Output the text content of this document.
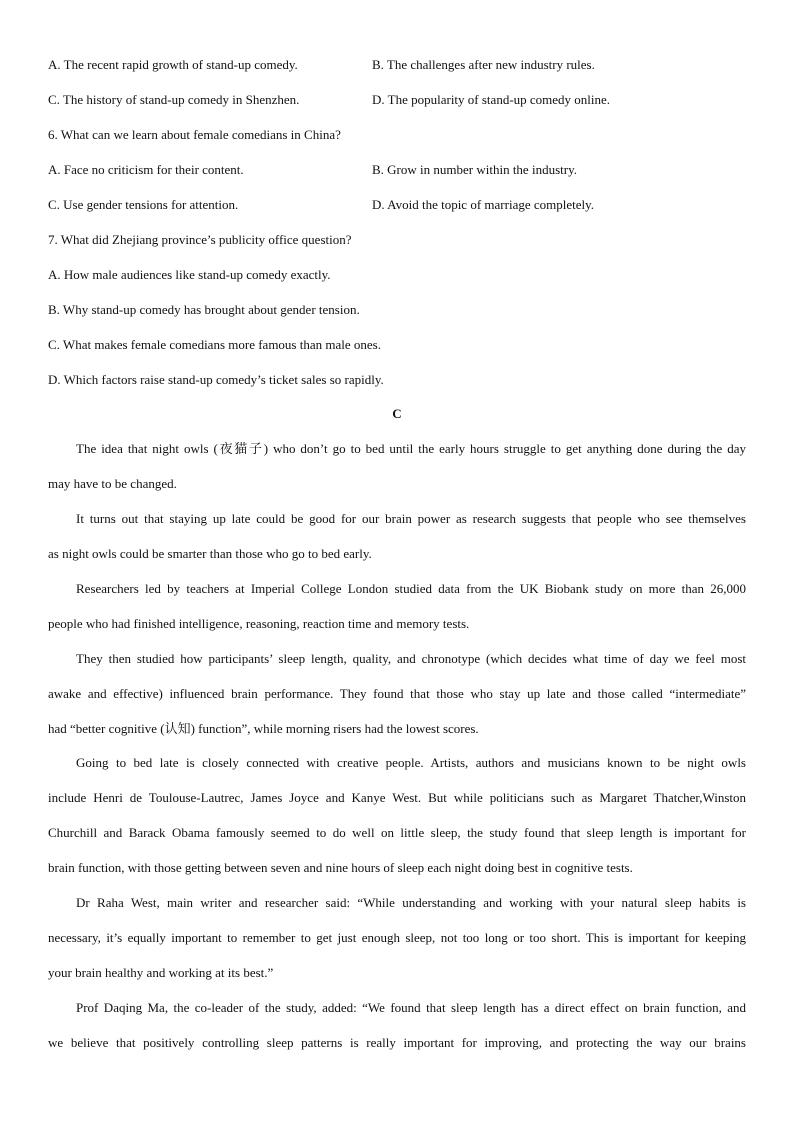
A. The recent rapid growth of stand-up comedy.	B. The challenges after new industry rules.
C. The history of stand-up comedy in Shenzhen.	D. The popularity of stand-up comedy online.
6. What can we learn about female comedians in China?
A. Face no criticism for their content.	B. Grow in number within the industry.
C. Use gender tensions for attention.	D. Avoid the topic of marriage completely.
7. What did Zhejiang province’s publicity office question?
A. How male audiences like stand-up comedy exactly.
B. Why stand-up comedy has brought about gender tension.
C. What makes female comedians more famous than male ones.
D. Which factors raise stand-up comedy’s ticket sales so rapidly.
C
The idea that night owls (夜猫子) who don’t go to bed until the early hours struggle to get anything done during the day
may have to be changed.
It turns out that staying up late could be good for our brain power as research suggests that people who see themselves
as night owls could be smarter than those who go to bed early.
Researchers led by teachers at Imperial College London studied data from the UK Biobank study on more than 26,000
people who had finished intelligence, reasoning, reaction time and memory tests.
They then studied how participants’ sleep length, quality, and chronotype (which decides what time of day we feel most
awake and effective) influenced brain performance. They found that those who stay up late and those called “intermediate”
had “better cognitive (认知) function”, while morning risers had the lowest scores.
Going to bed late is closely connected with creative people. Artists, authors and musicians known to be night owls
include Henri de Toulouse-Lautrec, James Joyce and Kanye West. But while politicians such as Margaret Thatcher,Winston
Churchill and Barack Obama famously seemed to do well on little sleep, the study found that sleep length is important for
brain function, with those getting between seven and nine hours of sleep each night doing best in cognitive tests.
Dr Raha West, main writer and researcher said: “While understanding and working with your natural sleep habits is
necessary, it’s equally important to remember to get just enough sleep, not too long or too short. This is important for keeping
your brain healthy and working at its best.”
Prof Daqing Ma, the co-leader of the study, added: “We found that sleep length has a direct effect on brain function, and
we believe that positively controlling sleep patterns is really important for improving, and protecting the way our brains
